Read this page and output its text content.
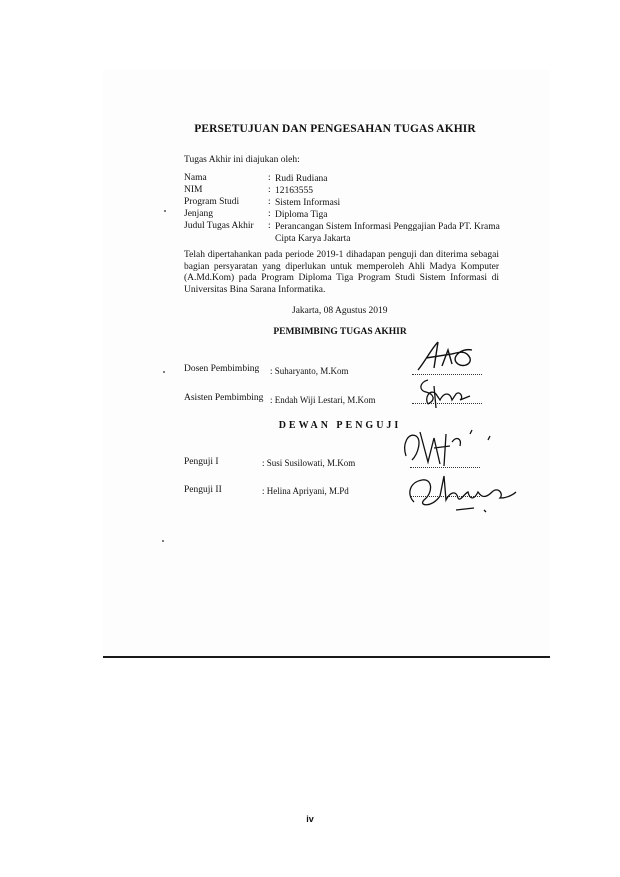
PERSETUJUAN DAN PENGESAHAN TUGAS AKHIR
Tugas Akhir ini diajukan oleh:
Nama	: Rudi Rudiana
NIM	: 12163555
Program Studi	: Sistem Informasi
Jenjang	: Diploma Tiga
Judul Tugas Akhir : Perancangan Sistem Informasi Penggajian Pada PT. Krama Cipta Karya Jakarta
Telah dipertahankan pada periode 2019-1 dihadapan penguji dan diterima sebagai bagian persyaratan yang diperlukan untuk memperoleh Ahli Madya Komputer (A.Md.Kom) pada Program Diploma Tiga Program Studi Sistem Informasi di Universitas Bina Sarana Informatika.
Jakarta, 08 Agustus 2019
PEMBIMBING TUGAS AKHIR
Dosen Pembimbing : Suharyanto, M.Kom
Asisten Pembimbing : Endah Wiji Lestari, M.Kom
DEWAN PENGUJI
Penguji I	: Susi Susilowati, M.Kom
Penguji II	: Helina Apriyani, M.Pd
iv
